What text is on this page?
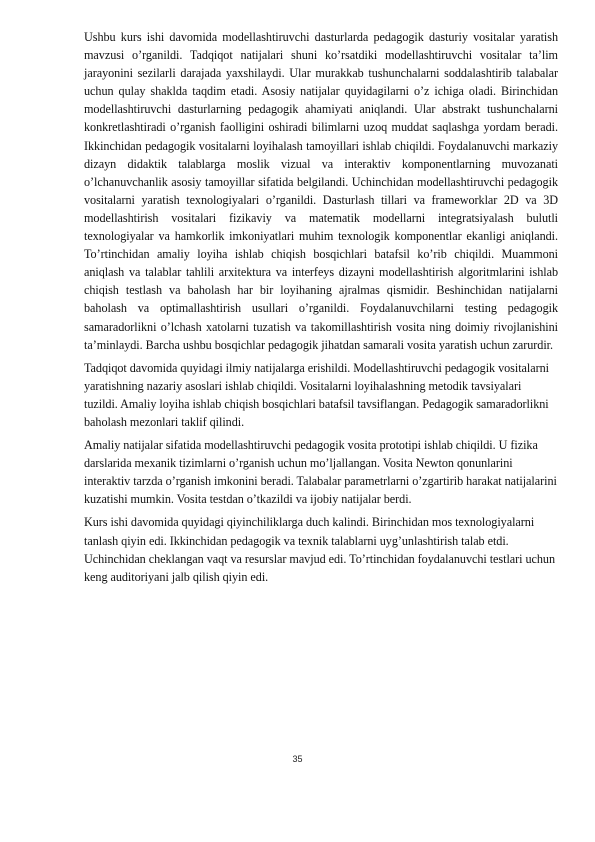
Ushbu kurs ishi davomida modellashtiruvchi dasturlarda pedagogik dasturiy vositalar yaratish mavzusi o’rganildi. Tadqiqot natijalari shuni ko’rsatdiki modellashtiruvchi vositalar ta’lim jarayonini sezilarli darajada yaxshilaydi. Ular murakkab tushunchalarni soddalashtirib talabalar uchun qulay shaklda taqdim etadi. Asosiy natijalar quyidagilarni o’z ichiga oladi. Birinchidan modellashtiruvchi dasturlarning pedagogik ahamiyati aniqlandi. Ular abstrakt tushunchalarni konkretlashtiradi o’rganish faolligini oshiradi bilimlarni uzoq muddat saqlashga yordam beradi. Ikkinchidan pedagogik vositalarni loyihalash tamoyillari ishlab chiqildi. Foydalanuvchi markaziy dizayn didaktik talablarga moslik vizual va interaktiv komponentlarning muvozanati o’lchanuvchanlik asosiy tamoyillar sifatida belgilandi. Uchinchidan modellashtiruvchi pedagogik vositalarni yaratish texnologiyalari o’rganildi. Dasturlash tillari va frameworklar 2D va 3D modellashtirish vositalari fizikaviy va matematik modellarni integratsiyalash bulutli texnologiyalar va hamkorlik imkoniyatlari muhim texnologik komponentlar ekanligi aniqlandi. To’rtinchidan amaliy loyiha ishlab chiqish bosqichlari batafsil ko’rib chiqildi. Muammoni aniqlash va talablar tahlili arxitektura va interfeys dizayni modellashtirish algoritmlarini ishlab chiqish testlash va baholash har bir loyihaning ajralmas qismidir. Beshinchidan natijalarni baholash va optimallashtirish usullari o’rganildi. Foydalanuvchilarni testing pedagogik samaradorlikni o’lchash xatolarni tuzatish va takomillashtirish vosita ning doimiy rivojlanishini ta’minlaydi. Barcha ushbu bosqichlar pedagogik jihatdan samarali vosita yaratish uchun zarurdir.

Tadqiqot davomida quyidagi ilmiy natijalarga erishildi. Modellashtiruvchi pedagogik vositalarni yaratishning nazariy asoslari ishlab chiqildi. Vositalarni loyihalashning metodik tavsiyalari tuzildi. Amaliy loyiha ishlab chiqish bosqichlari batafsil tavsiflangan. Pedagogik samaradorlikni baholash mezonlari taklif qilindi.

Amaliy natijalar sifatida modellashtiruvchi pedagogik vosita prototipi ishlab chiqildi. U fizika darslarida mexanik tizimlarni o’rganish uchun mo’ljallangan. Vosita Newton qonunlarini interaktiv tarzda o’rganish imkonini beradi. Talabalar parametrlarni o’zgartirib harakat natijalarini kuzatishi mumkin. Vosita testdan o’tkazildi va ijobiy natijalar berdi.

Kurs ishi davomida quyidagi qiyinchiliklarga duch kalindi. Birinchidan mos texnologiyalarni tanlash qiyin edi. Ikkinchidan pedagogik va texnik talablarni uyg’unlashtirish talab etdi. Uchinchidan cheklangan vaqt va resurslar mavjud edi. To’rtinchidan foydalanuvchi testlari uchun keng auditoriyani jalb qilish qiyin edi.

35
